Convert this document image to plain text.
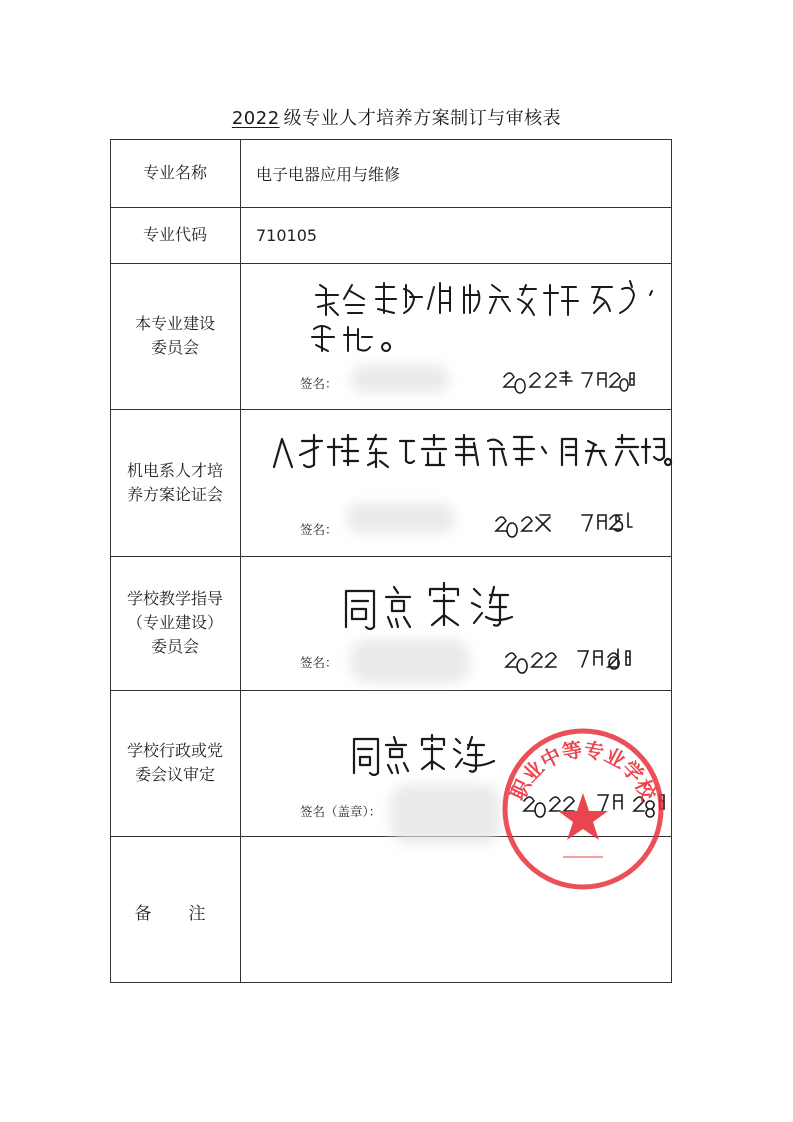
2022 级专业人才培养方案制订与审核表
专业名称	电子电器应用与维修
专业代码	710105
本专业建设
委员会
签名：
机电系人才培
养方案论证会
签名：
学校教学指导
（专业建设）
委员会
签名：
学校行政或党
委会议审定
签名（盖章）：
备　注
职业中等专业学校
